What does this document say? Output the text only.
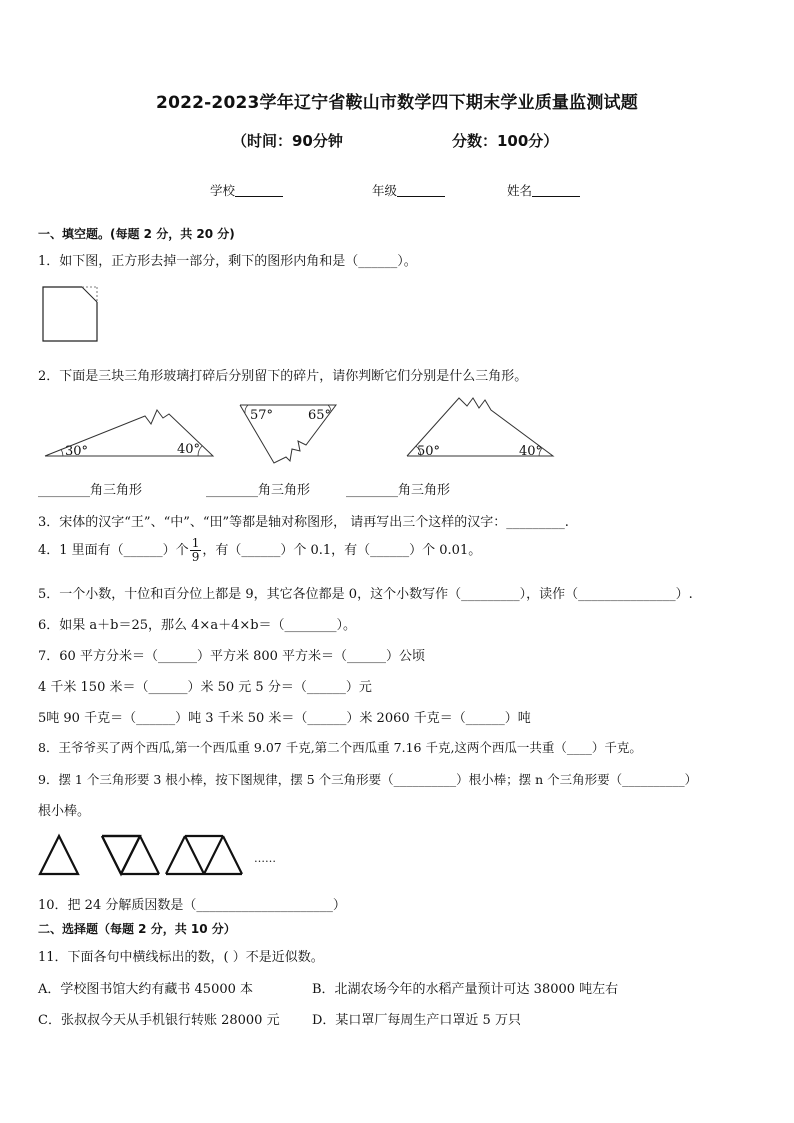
2022-2023学年辽宁省鞍山市数学四下期末学业质量监测试题
（时间：90分钟	分数：100分）
学校	年级	姓名
一、填空题。(每题 2 分，共 20 分)
1．如下图，正方形去掉一部分，剩下的图形内角和是（______）。
2．下面是三块三角形玻璃打碎后分别留下的碎片，请你判断它们分别是什么三角形。
30°	40°
57°	65°
50°	40°
________角三角形	________角三角形	________角三角形
3．宋体的汉字“王”、“中”、“田”等都是轴对称图形， 请再写出三个这样的汉字：_________.
4．1 里面有（______）个 $\frac{1}{9}$ ，有（______）个 0.1，有（______）个 0.01。
5．一个小数，十位和百分位上都是 9，其它各位都是 0，这个小数写作（_________），读作（_______________）.
6．如果 a＋b＝25，那么 4×a＋4×b＝（________）。
7．60 平方分米＝（______）平方米 800 平方米＝（______）公顷
4 千米 150 米＝（______）米 50 元 5 分＝（______）元
5吨 90 千克＝（______）吨 3 千米 50 米＝（______）米 2060 千克＝（______）吨
8．王爷爷买了两个西瓜,第一个西瓜重 9.07 千克,第二个西瓜重 7.16 千克,这两个西瓜一共重（____）千克。
9．摆 1 个三角形要 3 根小棒，按下图规律，摆 5 个三角形要（__________）根小棒；摆 n 个三角形要（__________）
根小棒。
……
10．把 24 分解质因数是（_____________________）
二、选择题（每题 2 分，共 10 分）
11．下面各句中横线标出的数，( ）不是近似数。
A．学校图书馆大约有藏书 45000 本	B．北湖农场今年的水稻产量预计可达 38000 吨左右
C．张叔叔今天从手机银行转账 28000 元 D．某口罩厂每周生产口罩近 5 万只
